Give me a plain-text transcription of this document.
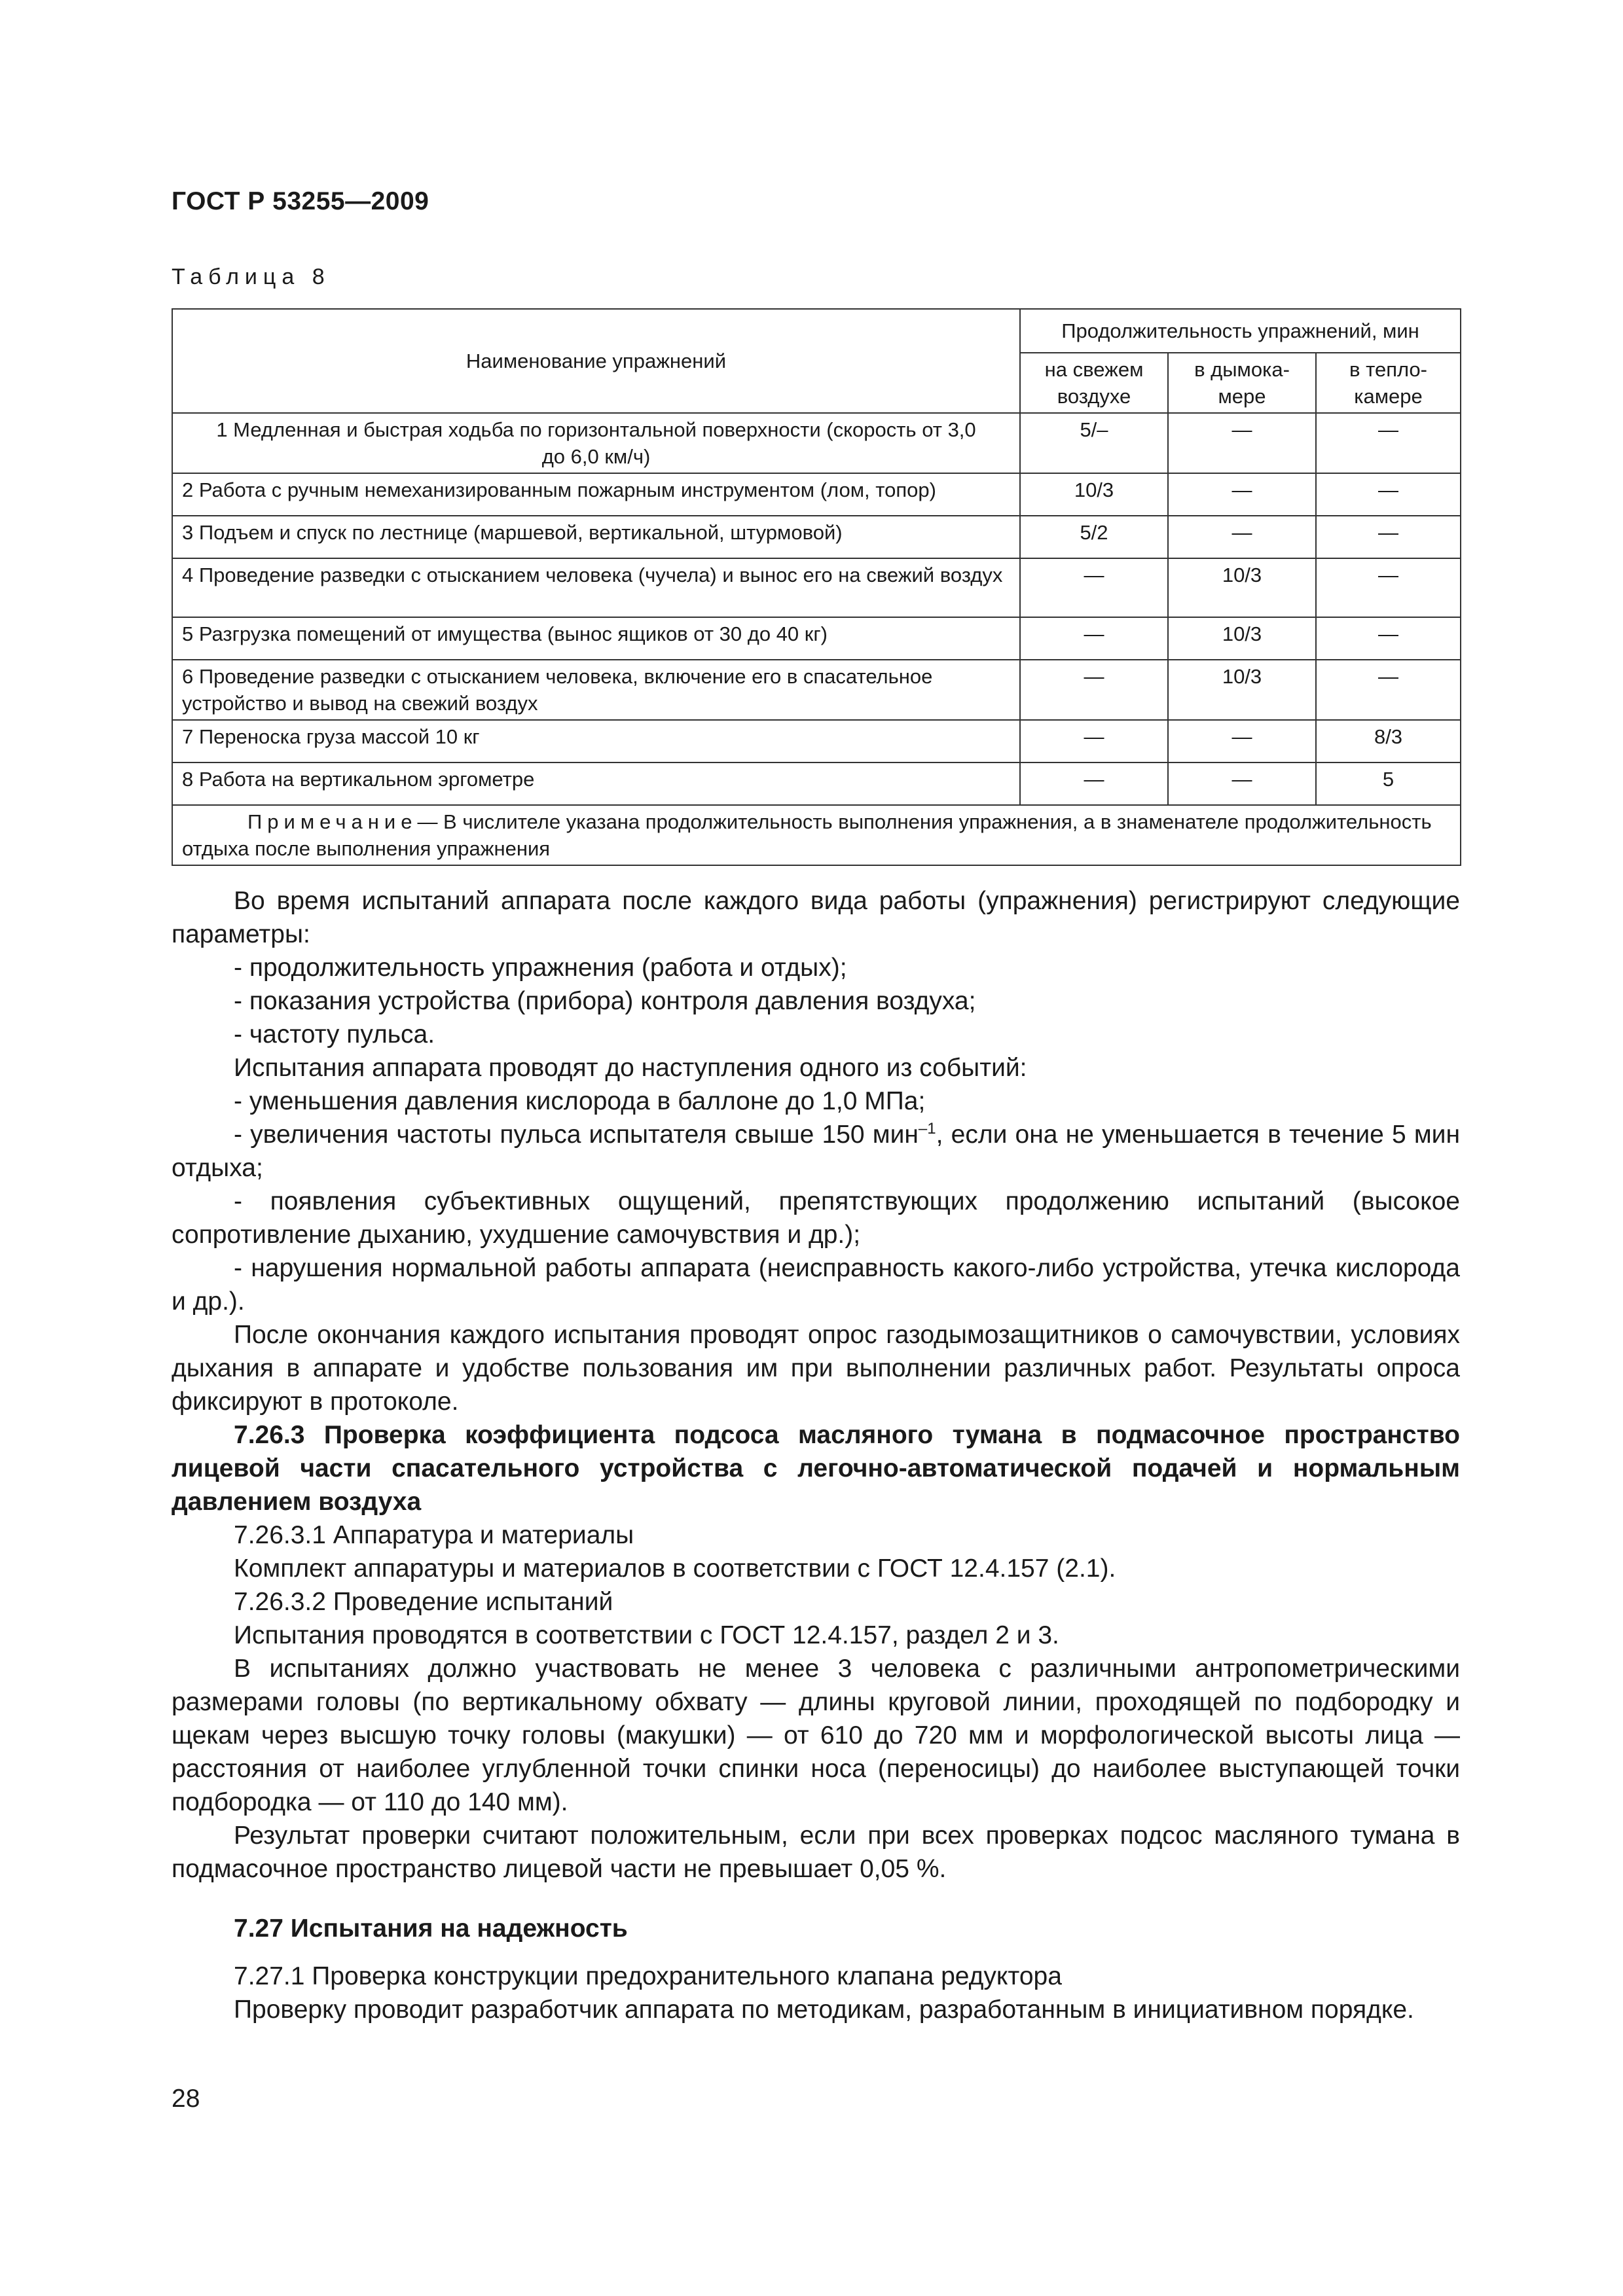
ГОСТ Р 53255—2009
Таблица 8
Наименование упражнений	Продолжительность упражнений, мин		
	на свежем воздухе	в дымока-мере	в тепло-камере

1 Медленная и быстрая ходьба по горизонтальной поверхности (скорость от 3,0
до 6,0 км/ч)	5/–	—	—
2 Работа с ручным немеханизированным пожарным инструментом (лом, топор)	10/3	—	—
3 Подъем и спуск по лестнице (маршевой, вертикальной, штурмовой)	5/2	—	—
4 Проведение разведки с отысканием человека (чучела) и вынос его на свежий воздух	—	10/3	—
5 Разгрузка помещений от имущества (вынос ящиков от 30 до 40 кг)	—	10/3	—
6 Проведение разведки с отысканием человека, включение его в спасательное устройство и вывод на свежий воздух	—	10/3	—
7 Переноска груза массой 10 кг	—	—	8/3
8 Работа на вертикальном эргометре	—	—	5

Примечание— В числителе указана продолжительность выполнения упражнения, а в знаменателе продолжительность отдыха после выполнения упражнения			

Во время испытаний аппарата после каждого вида работы (упражнения) регистрируют следующие параметры:

- продолжительность упражнения (работа и отдых);

- показания устройства (прибора) контроля давления воздуха;

- частоту пульса.

Испытания аппарата проводят до наступления одного из событий:

- уменьшения давления кислорода в баллоне до 1,0 МПа;

- увеличения частоты пульса испытателя свыше 150 мин$^{-1}$, если она не уменьшается в течение 5 мин отдыха;

- появления субъективных ощущений, препятствующих продолжению испытаний (высокое сопротивление дыханию, ухудшение самочувствия и др.);

- нарушения нормальной работы аппарата (неисправность какого-либо устройства, утечка кислорода и др.).

После окончания каждого испытания проводят опрос газодымозащитников о самочувствии, условиях дыхания в аппарате и удобстве пользования им при выполнении различных работ. Результаты опроса фиксируют в протоколе.

7.26.3 Проверка коэффициента подсоса масляного тумана в подмасочное пространство лицевой части спасательного устройства с легочно-автоматической подачей и нормальным давлением воздуха

7.26.3.1 Аппаратура и материалы

Комплект аппаратуры и материалов в соответствии с ГОСТ 12.4.157 (2.1).

7.26.3.2 Проведение испытаний

Испытания проводятся в соответствии с ГОСТ 12.4.157, раздел 2 и 3.

В испытаниях должно участвовать не менее 3 человека с различными антропометрическими размерами головы (по вертикальному обхвату — длины круговой линии, проходящей по подбородку и щекам через высшую точку головы (макушки) — от 610 до 720 мм и морфологической высоты лица — расстояния от наиболее углубленной точки спинки носа (переносицы) до наиболее выступающей точки подбородка — от 110 до 140 мм).

Результат проверки считают положительным, если при всех проверках подсос масляного тумана в подмасочное пространство лицевой части не превышает 0,05 %.

7.27 Испытания на надежность

7.27.1 Проверка конструкции предохранительного клапана редуктора

Проверку проводит разработчик аппарата по методикам, разработанным в инициативном порядке.

28
